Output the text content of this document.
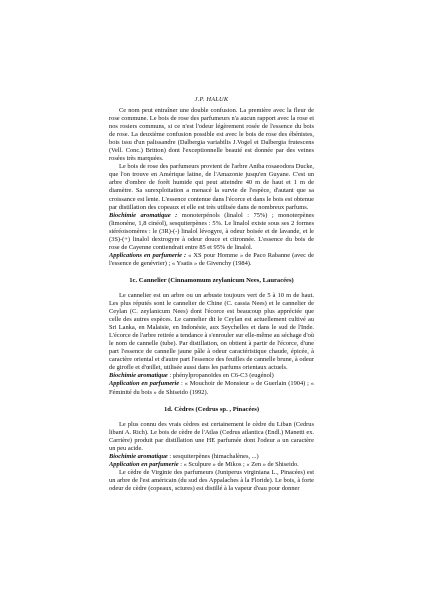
J.P. HALUK
Ce nom peut entraîner une double confusion. La première avec la fleur de rose commune. Le bois de rose des parfumeurs n'a aucun rapport avec la rose et nos rosiers communs, si ce n'est l'odeur légèrement rosée de l'essence du bois de rose. La deuxième confusion possible est avec le bois de rose des ébénistes, bois issu d'un palissandre (Dalbergia variabilis J.Vogel et Dalbergia frutescens (Vell. Conc.) Britton) dont l'exceptionnelle beauté est donnée par des veines rosées très marquées.
Le bois de rose des parfumeurs provient de l'arbre Aniba rosaeodora Ducke, que l'on trouve en Amérique latine, de l'Amazonie jusqu'en Guyane. C'est un arbre d'ombre de forêt humide qui peut atteindre 40 m de haut et 1 m de diamètre. Sa surexploitation a menacé la survie de l'espèce, d'autant que sa croissance est lente. L'essence contenue dans l'écorce et dans le bois est obtenue par distillation des copeaux et elle est très utilisée dans de nombreux parfums.
Biochimie aromatique : monoterpénols (linalol : 75%) ; monoterpènes (limonène, 1,8 cinéol), sesquiterpènes : 5%. Le linalol existe sous ses 2 formes stéréoisomères : le (3R)-(-) linalol lévogyre, à odeur boisée et de lavande, et le (3S)-(+) linalol dextrogyre à odeur douce et citronnée. L'essence du bois de rose de Cayenne contiendrait entre 85 et 95% de linalol.
Applications en parfumerie : « XS pour Homme » de Paco Rabanne (avec de l'essence de genévrier) ; « Ysatis » de Givenchy (1984).
1c. Cannelier (Cinnamomum zeylanicum Nees, Lauracées)
Le cannelier est un arbre ou un arbuste toujours vert de 5 à 10 m de haut. Les plus réputés sont le cannelier de Chine (C. cassia Nees) et le cannelier de Ceylan (C. zeylanicum Nees) dont l'écorce est beaucoup plus appréciée que celle des autres espèces. Le cannelier dit le Ceylan est actuellement cultivé au Sri Lanka, en Malaisie, en Indonésie, aux Seychelles et dans le sud de l'Inde. L'écorce de l'arbre retirée a tendance à s'enrouler sur elle-même au séchage d'où le nom de cannelle (tube). Par distillation, on obtient à partir de l'écorce, d'une part l'essence de cannelle jaune pâle à odeur caractéristique chaude, épicée, à caractère oriental et d'autre part l'essence des feuilles de cannelle brune, à odeur de girofle et d'œillet, utilisée aussi dans les parfums orientaux actuels.
Biochimie aromatique : phénylpropanoïdes en C6-C3 (eugénol)
Application en parfumerie : « Mouchoir de Monsieur » de Guerlain (1904) ; « Féminité du bois » de Shiseido (1992).
1d. Cèdres (Cedrus sp. , Pinacées)
Le plus connu des vrais cèdres est certainement le cèdre du Liban (Cedrus libani A. Rich). Le bois de cèdre de l'Atlas (Cedrus atlantica (Endl.) Manetti ex. Carrière) produit par distillation une HE parfumée dont l'odeur a un caractère un peu acide.
Biochimie aromatique : sesquiterpènes (himachalènes, ...)
Application en parfumerie : « Sculpure » de Mikos ; « Zen » de Shiseido.
Le cèdre de Virginie des parfumeurs (Juniperus virginiana L., Pinacées) est un arbre de l'est américain (du sud des Appalaches à la Floride). Le bois, à forte odeur de cèdre (copeaux, sciures) est distillé à la vapeur d'eau pour donner
